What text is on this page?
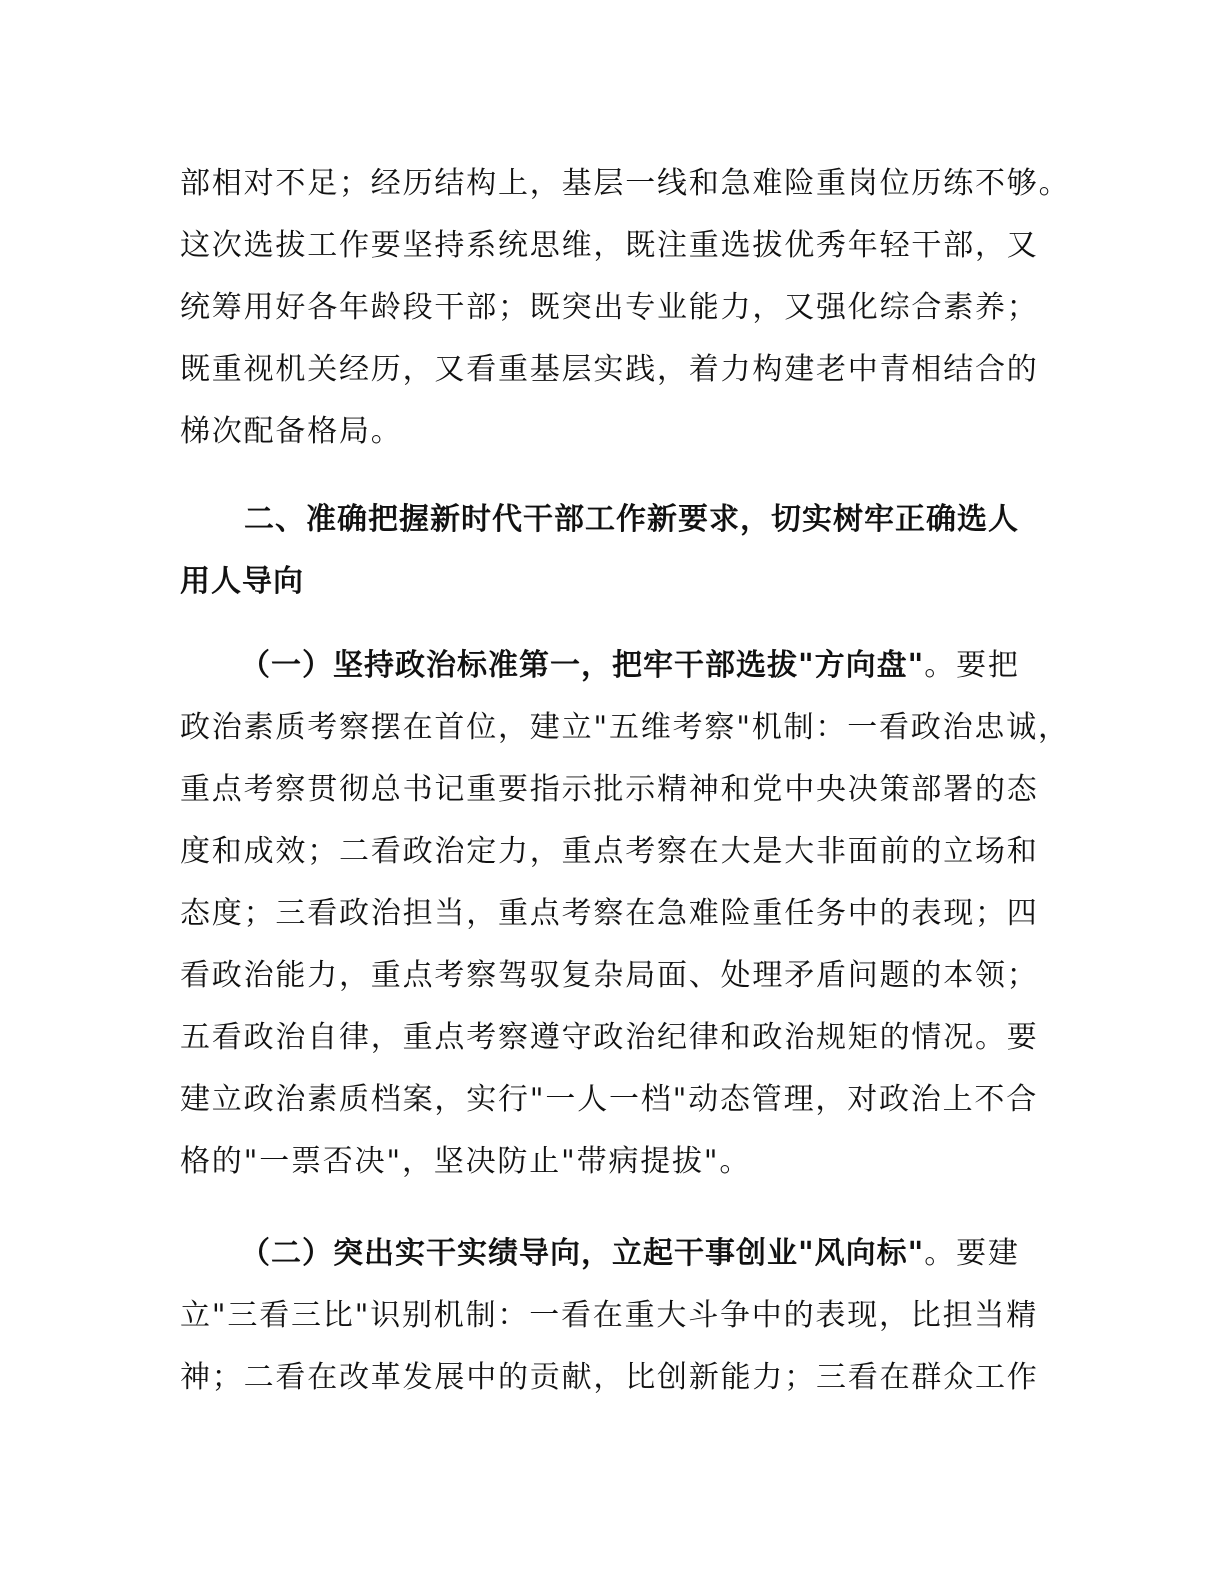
部相对不足；经历结构上，基层一线和急难险重岗位历练不够。
这次选拔工作要坚持系统思维，既注重选拔优秀年轻干部，又
统筹用好各年龄段干部；既突出专业能力，又强化综合素养；
既重视机关经历，又看重基层实践，着力构建老中青相结合的
梯次配备格局。
二、准确把握新时代干部工作新要求，切实树牢正确选人
用人导向
（一）坚持政治标准第一，把牢干部选拔"方向盘"。要把
政治素质考察摆在首位，建立"五维考察"机制：一看政治忠诚，
重点考察贯彻总书记重要指示批示精神和党中央决策部署的态
度和成效；二看政治定力，重点考察在大是大非面前的立场和
态度；三看政治担当，重点考察在急难险重任务中的表现；四
看政治能力，重点考察驾驭复杂局面、处理矛盾问题的本领；
五看政治自律，重点考察遵守政治纪律和政治规矩的情况。要
建立政治素质档案，实行"一人一档"动态管理，对政治上不合
格的"一票否决"，坚决防止"带病提拔"。
（二）突出实干实绩导向，立起干事创业"风向标"。要建
立"三看三比"识别机制：一看在重大斗争中的表现，比担当精
神；二看在改革发展中的贡献，比创新能力；三看在群众工作
